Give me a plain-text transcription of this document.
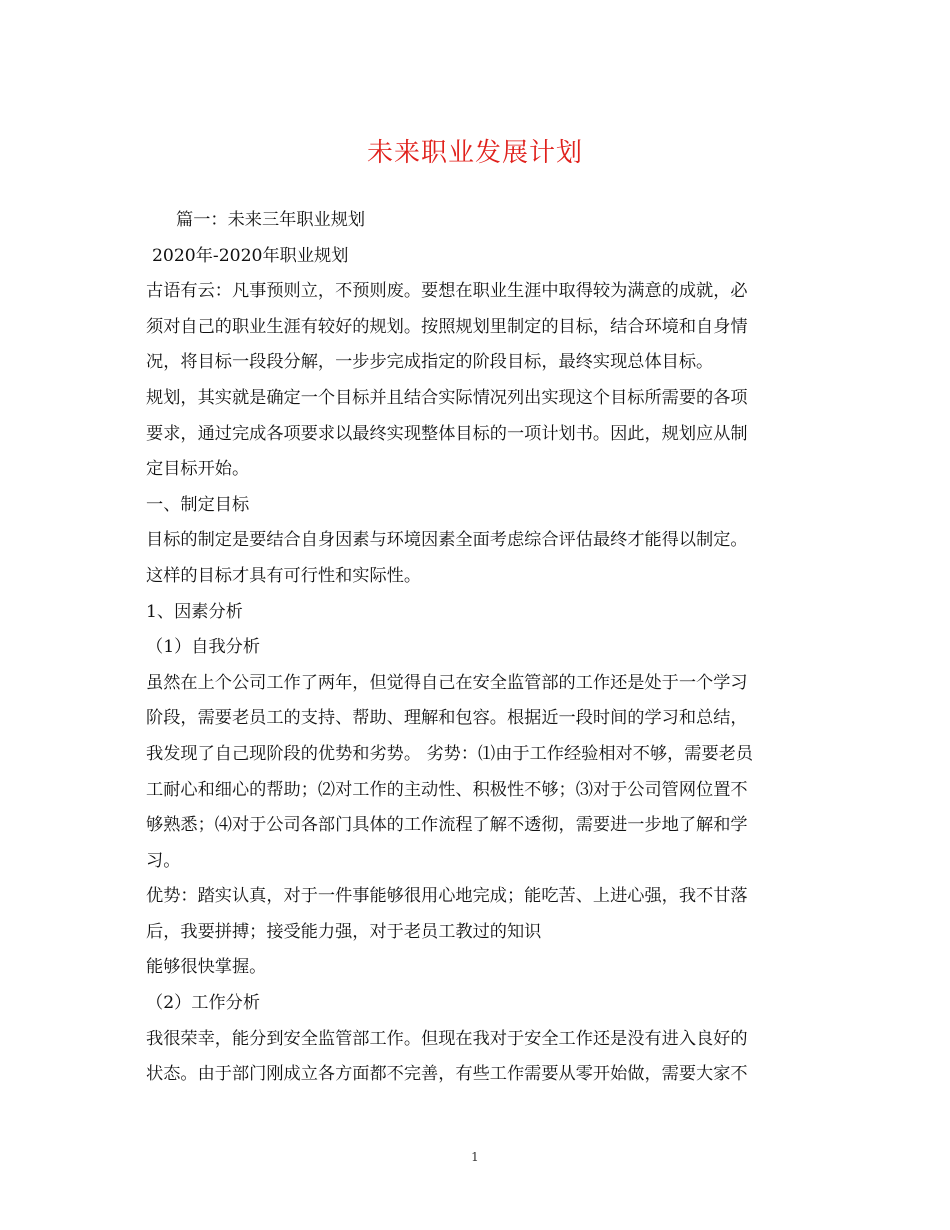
未来职业发展计划
篇一：未来三年职业规划
2020年-2020年职业规划
古语有云：凡事预则立，不预则废。要想在职业生涯中取得较为满意的成就，必
须对自己的职业生涯有较好的规划。按照规划里制定的目标，结合环境和自身情
况，将目标一段段分解，一步步完成指定的阶段目标，最终实现总体目标。
规划，其实就是确定一个目标并且结合实际情况列出实现这个目标所需要的各项
要求，通过完成各项要求以最终实现整体目标的一项计划书。因此，规划应从制
定目标开始。
一、制定目标
目标的制定是要结合自身因素与环境因素全面考虑综合评估最终才能得以制定。
这样的目标才具有可行性和实际性。
1、因素分析
（1）自我分析
虽然在上个公司工作了两年，但觉得自己在安全监管部的工作还是处于一个学习
阶段，需要老员工的支持、帮助、理解和包容。根据近一段时间的学习和总结，
我发现了自己现阶段的优势和劣势。 劣势：⑴由于工作经验相对不够，需要老员
工耐心和细心的帮助；⑵对工作的主动性、积极性不够；⑶对于公司管网位置不
够熟悉；⑷对于公司各部门具体的工作流程了解不透彻，需要进一步地了解和学
习。
优势：踏实认真，对于一件事能够很用心地完成；能吃苦、上进心强，我不甘落
后，我要拼搏；接受能力强，对于老员工教过的知识
能够很快掌握。
（2）工作分析
我很荣幸，能分到安全监管部工作。但现在我对于安全工作还是没有进入良好的
状态。由于部门刚成立各方面都不完善，有些工作需要从零开始做，需要大家不
1
